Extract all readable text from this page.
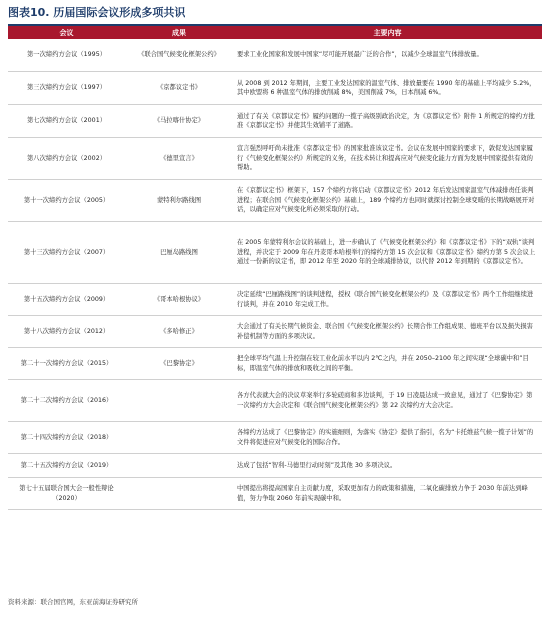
图表10. 历届国际会议形成多项共识
会议	成果	主要内容
第一次缔约方会议（1995）	《联合国气候变化框架公约》	要求工业化国家和发展中国家“尽可能开展最广泛的合作”，以减少全球温室气体排放量。
第三次缔约方会议（1997）	《京都议定书》	从 2008 到 2012 年期间，主要工业发达国家的温室气体、排放量要在 1990 年的基础上平均减少 5.2%，其中欧盟将 6 种温室气体的排放削减 8%，美国削减 7%，日本削减 6%。
第七次缔约方会议（2001）	《马拉喀什协定》	通过了有关《京都议定书》履约问题的一揽子高级别政治决定，为《京都议定书》附件 1 所规定的缔约方批准《京都议定书》并使其生效铺平了道路。
第八次缔约方会议（2002）	《德里宣言》	宣言强烈呼吁尚未批准《京都议定书》的国家批准该议定书。会议在发展中国家的要求下，敦促发达国家履行《气候变化框架公约》所规定的义务，在技术转让和提高应对气候变化能力方面为发展中国家提供有效的帮助。
第十一次缔约方会议（2005）	蒙特利尔路线图	在《京都议定书》框架下，157 个缔约方将启动《京都议定书》2012 年后发达国家温室气体减排责任谈判进程；在联合国《气候变化框架公约》基础上，189 个缔约方也同时就探讨控制全球变暖的长期战略展开对话，以确定应对气候变化所必须采取的行动。
第十三次缔约方会议（2007）	巴厘岛路线图	在 2005 年蒙特利尔会议的基础上，进一步确认了《气候变化框架公约》和《京都议定书》下的“双轨”谈判进程，并决定于 2009 年在丹麦哥本哈根举行的缔约方第 15 次会议和《京都议定书》缔约方第 5 次会议上通过一份新的议定书，即 2012 年至 2020 年的全球减排协议，以代替 2012 年到期的《京都议定书》。
第十五次缔约方会议（2009）	《哥本哈根协议》	决定延续“巴厘路线图”的谈判进程，授权《联合国气候变化框架公约》及《京都议定书》两个工作组继续进行谈判，并在 2010 年完成工作。
第十八次缔约方会议（2012）	《多哈修正》	大会通过了有关长期气候资金、联合国《气候变化框架公约》长期合作工作组成果、德班平台以及损失损害补偿机制等方面的多项决议。
第二十一次缔约方会议（2015）	《巴黎协定》	把全球平均气温上升控制在较工业化前水平以内 2℃之内，并在 2050–2100 年之间实现“全球碳中和”目标，即温室气体的排放和吸收之间的平衡。
第二十二次缔约方会议（2016）		各方代表就大会的决议草案举行多轮磋商和多边谈判，于 19 日凌晨达成一致意见，通过了《巴黎协定》第一次缔约方大会决定和《联合国气候变化框架公约》第 22 次缔约方大会决定。
第二十四次缔约方会议（2018）		各缔约方达成了《巴黎协定》的实施细则，为落实《协定》提供了指引，名为“卡托维兹气候一揽子计划”的文件将促进应对气候变化的国际合作。
第二十五次缔约方会议（2019）		达成了包括“智利-马德里行动时刻”及其他 30 多项决议。
第七十五届联合国大会一般性辩论（2020）		中国提出将提高国家自主贡献力度，采取更加有力的政策和措施，二氧化碳排放力争于 2030 年前达到峰值，努力争取 2060 年前实现碳中和。
资料来源：联合国官网，东亚前海证券研究所
